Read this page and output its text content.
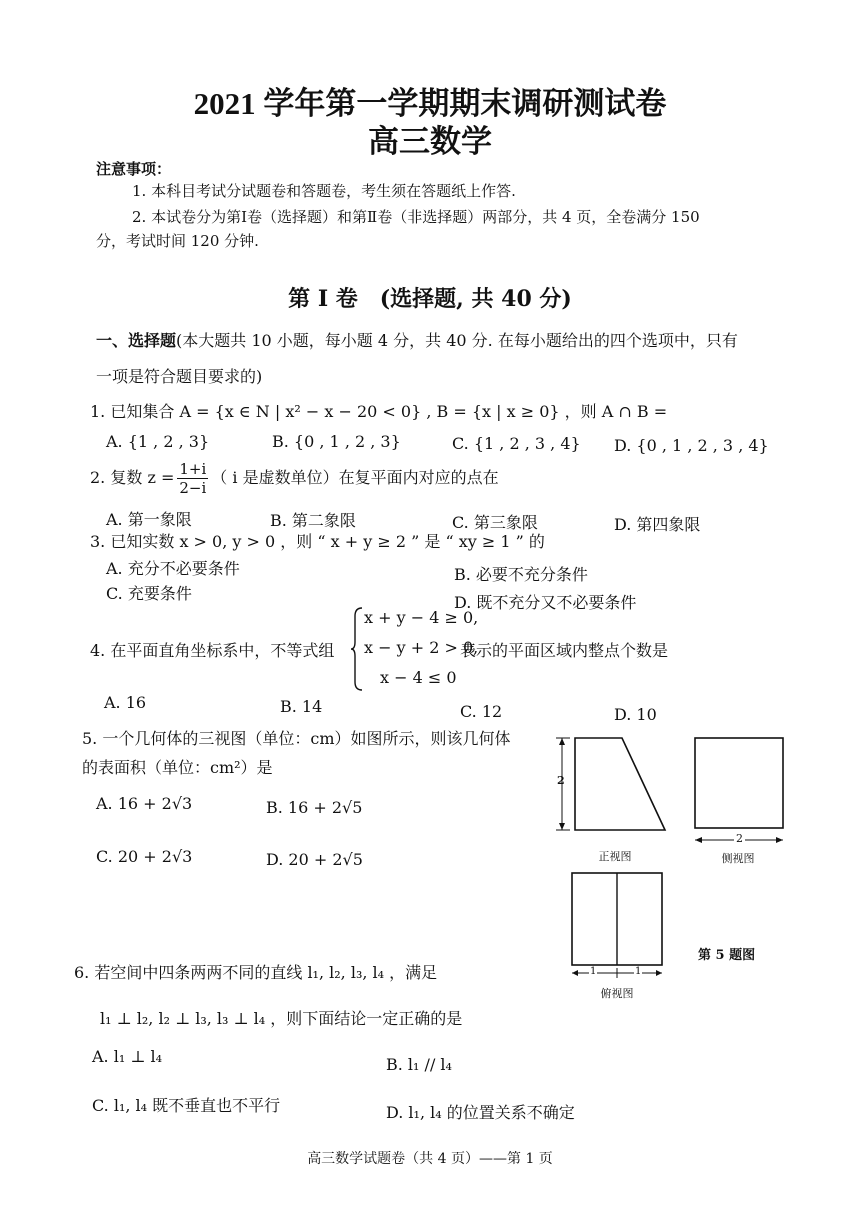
2021 学年第一学期期末调研测试卷
高三数学
注意事项：
1. 本科目考试分试题卷和答题卷，考生须在答题纸上作答.
2. 本试卷分为第Ⅰ卷（选择题）和第Ⅱ卷（非选择题）两部分，共 4 页，全卷满分 150
分，考试时间 120 分钟.
第 Ⅰ 卷　(选择题, 共 40 分)
一、选择题(本大题共 10 小题，每小题 4 分，共 40 分. 在每小题给出的四个选项中，只有
一项是符合题目要求的)
1. 已知集合 A = {x ∈ N | x² − x − 20 < 0} , B = {x | x ≥ 0} ，则 A ∩ B =
A. {1 , 2 , 3}	B. {0 , 1 , 2 , 3}	C. {1 , 2 , 3 , 4} D. {0 , 1 , 2 , 3 , 4}
2. 复数 $z = \frac{1+i}{2-i}$ （ i 是虚数单位）在复平面内对应的点在
A. 第一象限	B. 第二象限	C. 第三象限	D. 第四象限
3. 已知实数 x > 0, y > 0 ，则 “ x + y ≥ 2 ” 是 “ xy ≥ 1 ” 的
A. 充分不必要条件	B. 必要不充分条件
C. 充要条件	D. 既不充分又不必要条件
4. 在平面直角坐标系中，不等式组
x + y − 4 ≥ 0,
x − y + 2 > 0,
x − 4 ≤ 0
表示的平面区域内整点个数是
A. 16	B. 14	C. 12	D. 10
5. 一个几何体的三视图（单位：cm）如图所示，则该几何体
的表面积（单位：cm²）是
A. 16 + 2√3	B. 16 + 2√5
C. 20 + 2√3	D. 20 + 2√5
2
2
1	1
正视图	侧视图
俯视图
第 5 题图
6. 若空间中四条两两不同的直线 l₁, l₂, l₃, l₄ ，满足
l₁ ⊥ l₂, l₂ ⊥ l₃, l₃ ⊥ l₄ ，则下面结论一定正确的是
A. l₁ ⊥ l₄	B. l₁ // l₄
C. l₁, l₄ 既不垂直也不平行	D. l₁, l₄ 的位置关系不确定
高三数学试题卷（共 4 页）——第 1 页
